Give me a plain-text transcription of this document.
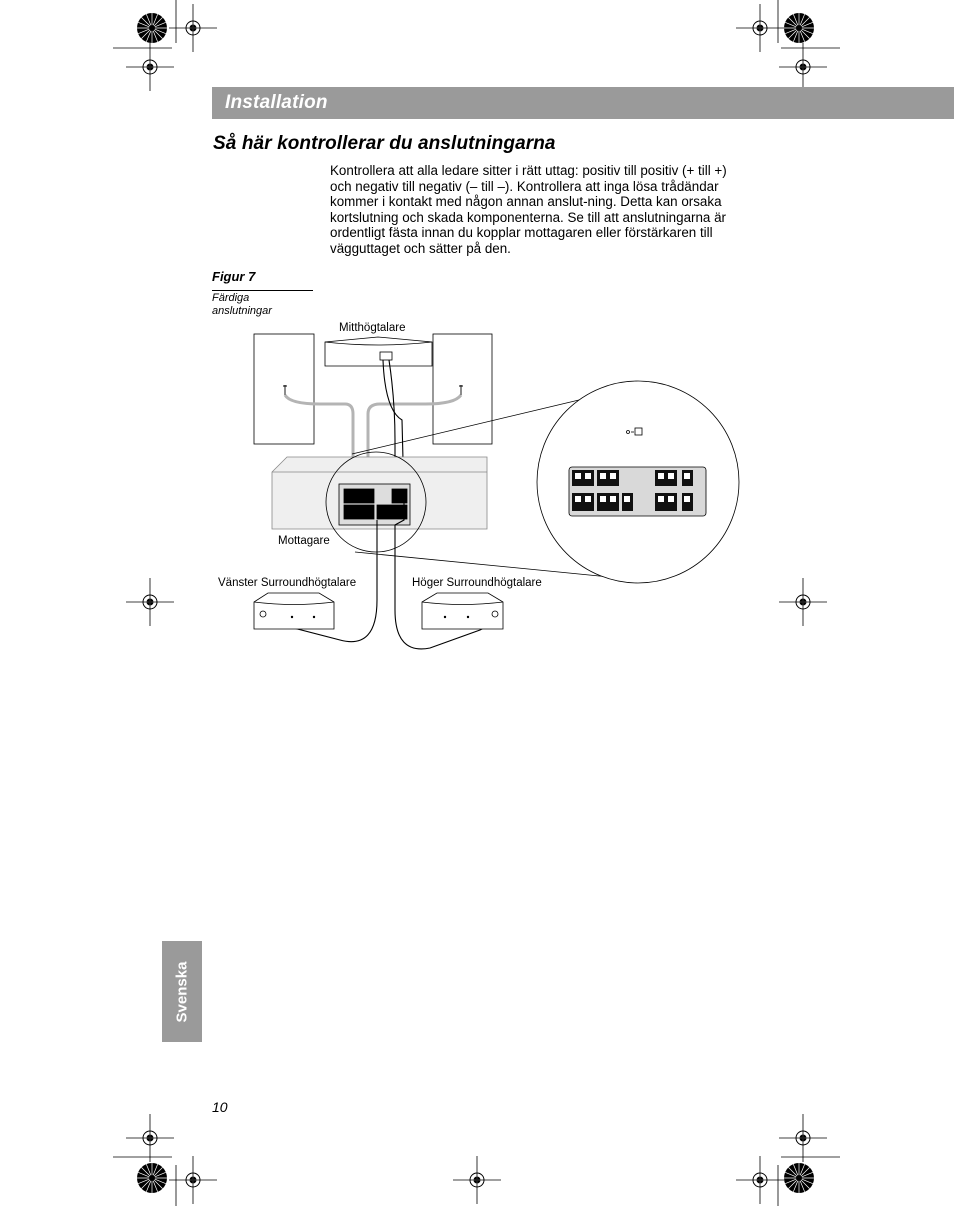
Installation
Så här kontrollerar du anslutningarna

Kontrollera att alla ledare sitter i rätt uttag: positiv till positiv (+ till +) och negativ till negativ (– till –). Kontrollera att inga lösa trådändar kommer i kontakt med någon annan anslut-ning. Detta kan orsaka kortslutning och skada komponenterna. Se till att anslutningarna är ordentligt fästa innan du kopplar mottagaren eller förstärkaren till vägguttaget och sätter på den.

Figur 7
Färdiga anslutningar
Mitthögtalare
Mottagare
Vänster Surroundhögtalare	Höger Surroundhögtalare
Svenska
10
